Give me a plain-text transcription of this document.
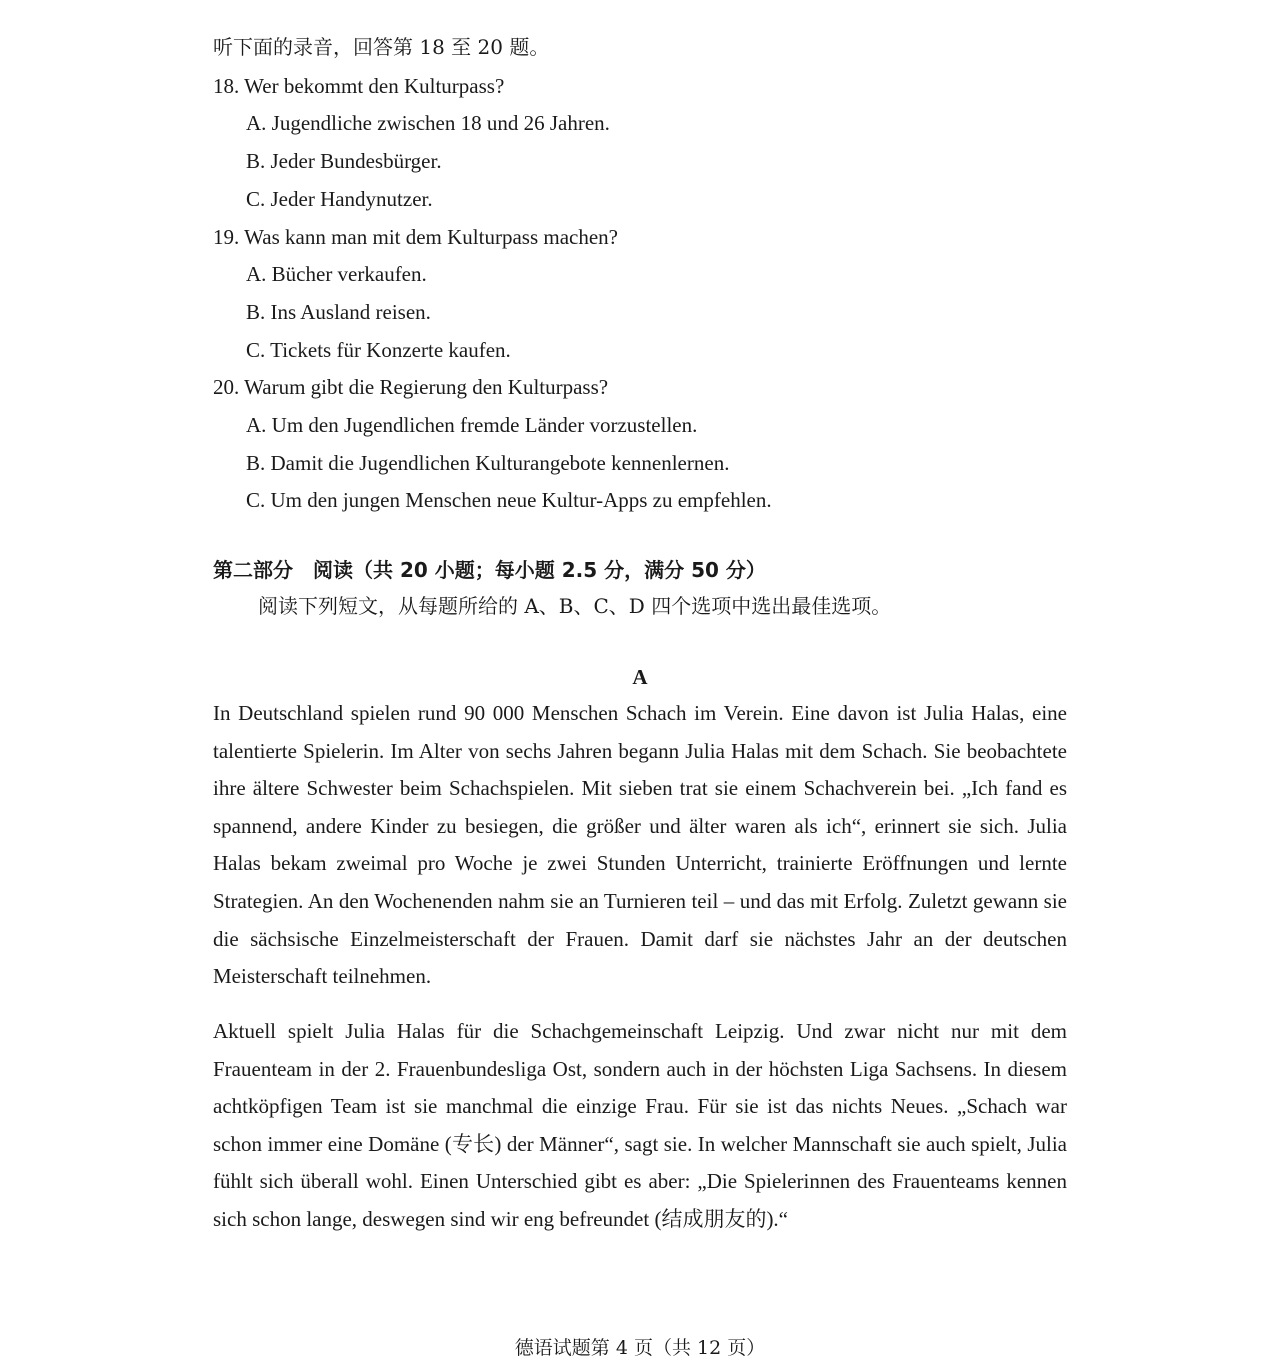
听下面的录音，回答第 18 至 20 题。
18. Wer bekommt den Kulturpass?
A. Jugendliche zwischen 18 und 26 Jahren.
B. Jeder Bundesbürger.
C. Jeder Handynutzer.
19. Was kann man mit dem Kulturpass machen?
A. Bücher verkaufen.
B. Ins Ausland reisen.
C. Tickets für Konzerte kaufen.
20. Warum gibt die Regierung den Kulturpass?
A. Um den Jugendlichen fremde Länder vorzustellen.
B. Damit die Jugendlichen Kulturangebote kennenlernen.
C. Um den jungen Menschen neue Kultur-Apps zu empfehlen.
第二部分　阅读（共 20 小题；每小题 2.5 分，满分 50 分）
阅读下列短文，从每题所给的 A、B、C、D 四个选项中选出最佳选项。
A

In Deutschland spielen rund 90 000 Menschen Schach im Verein. Eine davon ist Julia Halas, eine talentierte Spielerin. Im Alter von sechs Jahren begann Julia Halas mit dem Schach. Sie beobachtete ihre ältere Schwester beim Schachspielen. Mit sieben trat sie einem Schachverein bei. „Ich fand es spannend, andere Kinder zu besiegen, die größer und älter waren als ich“, erinnert sie sich. Julia Halas bekam zweimal pro Woche je zwei Stunden Unterricht, trainierte Eröffnungen und lernte Strategien. An den Wochenenden nahm sie an Turnieren teil – und das mit Erfolg. Zuletzt gewann sie die sächsische Einzelmeisterschaft der Frauen. Damit darf sie nächstes Jahr an der deutschen Meisterschaft teilnehmen.

Aktuell spielt Julia Halas für die Schachgemeinschaft Leipzig. Und zwar nicht nur mit dem Frauenteam in der 2. Frauenbundesliga Ost, sondern auch in der höchsten Liga Sachsens. In diesem achtköpfigen Team ist sie manchmal die einzige Frau. Für sie ist das nichts Neues. „Schach war schon immer eine Domäne (专长) der Männer“, sagt sie. In welcher Mannschaft sie auch spielt, Julia fühlt sich überall wohl. Einen Unterschied gibt es aber: „Die Spielerinnen des Frauenteams kennen sich schon lange, deswegen sind wir eng befreundet (结成朋友的).“

德语试题第 4 页（共 12 页）
